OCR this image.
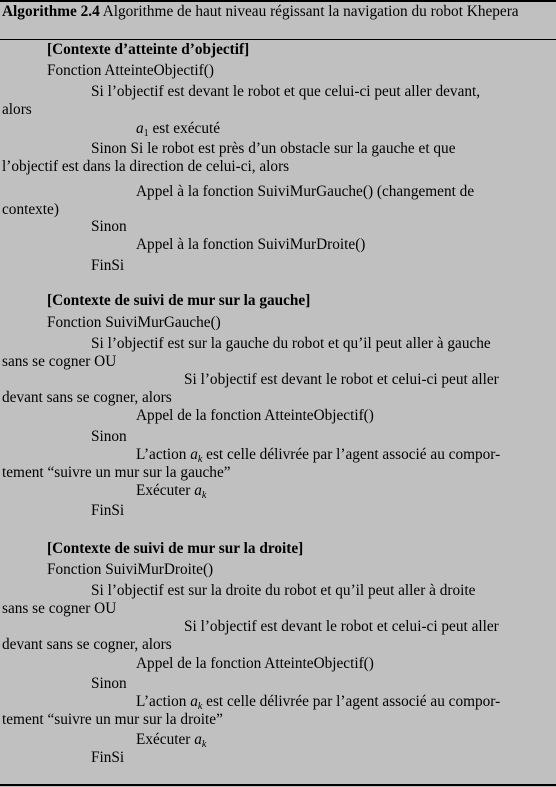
Algorithme 2.4 Algorithme de haut niveau régissant la navigation du robot Khepera
[Contexte d’atteinte d’objectif]
Fonction AtteinteObjectif()
Si l’objectif est devant le robot et que celui-ci peut aller devant,
alors
$a_1$ est exécuté
Sinon Si le robot est près d’un obstacle sur la gauche et que
l’objectif est dans la direction de celui-ci, alors
Appel à la fonction SuiviMurGauche() (changement de
contexte)
Sinon
Appel à la fonction SuiviMurDroite()
FinSi
[Contexte de suivi de mur sur la gauche]
Fonction SuiviMurGauche()
Si l’objectif est sur la gauche du robot et qu’il peut aller à gauche
sans se cogner OU
Si l’objectif est devant le robot et celui-ci peut aller
devant sans se cogner, alors
Appel de la fonction AtteinteObjectif()
Sinon
L’action $a_k$ est celle délivrée par l’agent associé au compor-
tement “suivre un mur sur la gauche”
Exécuter $a_k$
FinSi
[Contexte de suivi de mur sur la droite]
Fonction SuiviMurDroite()
Si l’objectif est sur la droite du robot et qu’il peut aller à droite
sans se cogner OU
Si l’objectif est devant le robot et celui-ci peut aller
devant sans se cogner, alors
Appel de la fonction AtteinteObjectif()
Sinon
L’action $a_k$ est celle délivrée par l’agent associé au compor-
tement “suivre un mur sur la droite”
Exécuter $a_k$
FinSi
